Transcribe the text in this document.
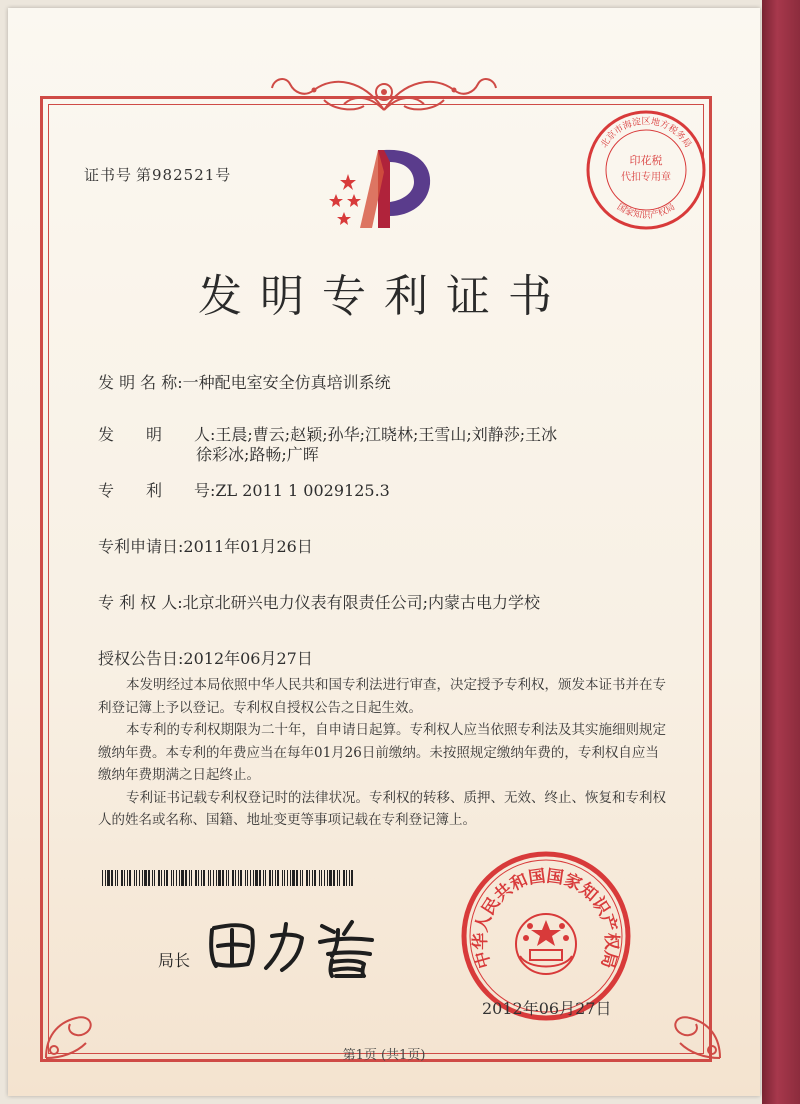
证书号 第982521号
北京市海淀区地方税务局
印花税
代扣专用章
国家知识产权局
发明专利证书
发 明 名 称:一种配电室安全仿真培训系统
发　　明　　人:王晨;曹云;赵颖;孙华;江晓林;王雪山;刘静莎;王冰
徐彩冰;路畅;广晖
专　　利　　号:ZL 2011 1 0029125.3
专利申请日:2011年01月26日
专 利 权 人:北京北研兴电力仪表有限责任公司;内蒙古电力学校
授权公告日:2012年06月27日

本发明经过本局依照中华人民共和国专利法进行审查，决定授予专利权，颁发本证书并在专利登记簿上予以登记。专利权自授权公告之日起生效。

本专利的专利权期限为二十年，自申请日起算。专利权人应当依照专利法及其实施细则规定缴纳年费。本专利的年费应当在每年01月26日前缴纳。未按照规定缴纳年费的，专利权自应当缴纳年费期满之日起终止。

专利证书记载专利权登记时的法律状况。专利权的转移、质押、无效、终止、恢复和专利权人的姓名或名称、国籍、地址变更等事项记载在专利登记簿上。

局长	中华人民共和国国家知识产权局
2012年06月27日
第1页 (共1页)
